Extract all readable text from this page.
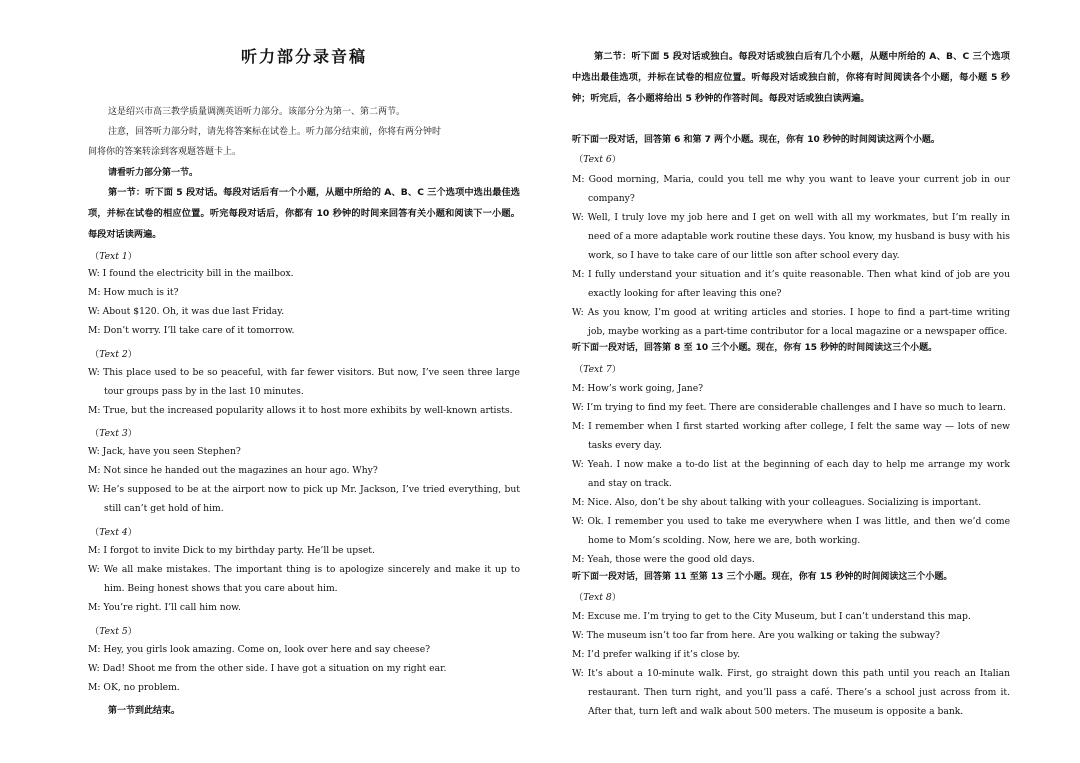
听力部分录音稿
这是绍兴市高三教学质量调测英语听力部分。该部分分为第一、第二两节。
注意，回答听力部分时，请先将答案标在试卷上。听力部分结束前，你将有两分钟时
间将你的答案转涂到客观题答题卡上。
请看听力部分第一节。
第一节：听下面 5 段对话。每段对话后有一个小题，从题中所给的 A、B、C 三个选项中选出最佳选项，并标在试卷的相应位置。听完每段对话后，你都有 10 秒钟的时间来回答有关小题和阅读下一小题。每段对话读两遍。
（ Text 1 ）
W: I found the electricity bill in the mailbox.
M: How much is it?
W: About $120. Oh, it was due last Friday.
M: Don’t worry. I’ll take care of it tomorrow.
（ Text 2 ）
W: This place used to be so peaceful, with far fewer visitors. But now, I’ve seen three large tour groups pass by in the last 10 minutes.
M: True, but the increased popularity allows it to host more exhibits by well-known artists.
（ Text 3 ）
W: Jack, have you seen Stephen?
M: Not since he handed out the magazines an hour ago. Why?
W: He’s supposed to be at the airport now to pick up Mr. Jackson, I’ve tried everything, but still can’t get hold of him.
（ Text 4 ）
M: I forgot to invite Dick to my birthday party. He’ll be upset.
W: We all make mistakes. The important thing is to apologize sincerely and make it up to him. Being honest shows that you care about him.
M: You’re right. I’ll call him now.
（ Text 5 ）
M: Hey, you girls look amazing. Come on, look over here and say cheese?
W: Dad! Shoot me from the other side. I have got a situation on my right ear.
M: OK, no problem.
第一节到此结束。
第二节：听下面 5 段对话或独白。每段对话或独白后有几个小题，从题中所给的 A、B、C 三个选项中选出最佳选项，并标在试卷的相应位置。听每段对话或独白前，你将有时间阅读各个小题，每小题 5 秒钟；听完后，各小题将给出 5 秒钟的作答时间。每段对话或独白读两遍。
听下面一段对话，回答第 6 和第 7 两个小题。现在，你有 10 秒钟的时间阅读这两个小题。
（ Text 6 ）
M: Good morning, Maria, could you tell me why you want to leave your current job in our company?
W: Well, I truly love my job here and I get on well with all my workmates, but I’m really in need of a more adaptable work routine these days. You know, my husband is busy with his work, so I have to take care of our little son after school every day.
M: I fully understand your situation and it’s quite reasonable. Then what kind of job are you exactly looking for after leaving this one?
W: As you know, I’m good at writing articles and stories. I hope to find a part-time writing job, maybe working as a part-time contributor for a local magazine or a newspaper office.
听下面一段对话，回答第 8 至 10 三个小题。现在，你有 15 秒钟的时间阅读这三个小题。
（ Text 7 ）
M: How’s work going, Jane?
W: I’m trying to find my feet. There are considerable challenges and I have so much to learn.
M: I remember when I first started working after college, I felt the same way — lots of new tasks every day.
W: Yeah. I now make a to-do list at the beginning of each day to help me arrange my work and stay on track.
M: Nice. Also, don’t be shy about talking with your colleagues. Socializing is important.
W: Ok. I remember you used to take me everywhere when I was little, and then we’d come home to Mom’s scolding. Now, here we are, both working.
M: Yeah, those were the good old days.
听下面一段对话，回答第 11 至第 13 三个小题。现在，你有 15 秒钟的时间阅读这三个小题。
（ Text 8 ）
M: Excuse me. I’m trying to get to the City Museum, but I can’t understand this map.
W: The museum isn’t too far from here. Are you walking or taking the subway?
M: I’d prefer walking if it’s close by.
W: It’s about a 10-minute walk. First, go straight down this path until you reach an Italian restaurant. Then turn right, and you’ll pass a café. There’s a school just across from it. After that, turn left and walk about 500 meters. The museum is opposite a bank.
